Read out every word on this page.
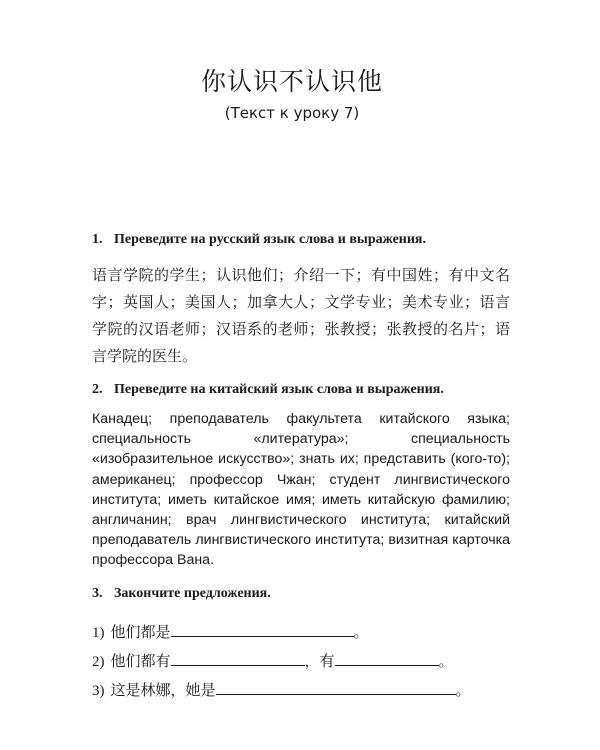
你认识不认识他
(Текст к уроку 7)
1. Переведите на русский язык слова и выражения.
语言学院的学生；认识他们；介绍一下；有中国姓；有中文名字；英国人；美国人；加拿大人；文学专业；美术专业；语言学院的汉语老师；汉语系的老师；张教授；张教授的名片；语言学院的医生。
2. Переведите на китайский язык слова и выражения.
Канадец; преподаватель факультета китайского языка; специальность «литература»; специальность «изобразительное искусство»; знать их; представить (кого-то); американец; профессор Чжан; студент лингвистического института; иметь китайское имя; иметь китайскую фамилию; англичанин; врач лингвистического института; китайский преподаватель лингвистического института; визитная карточка профессора Вана.
3. Закончите предложения.
1) 他们都是	。
2) 他们都有	，有	。
3) 这是林娜，她是	。
